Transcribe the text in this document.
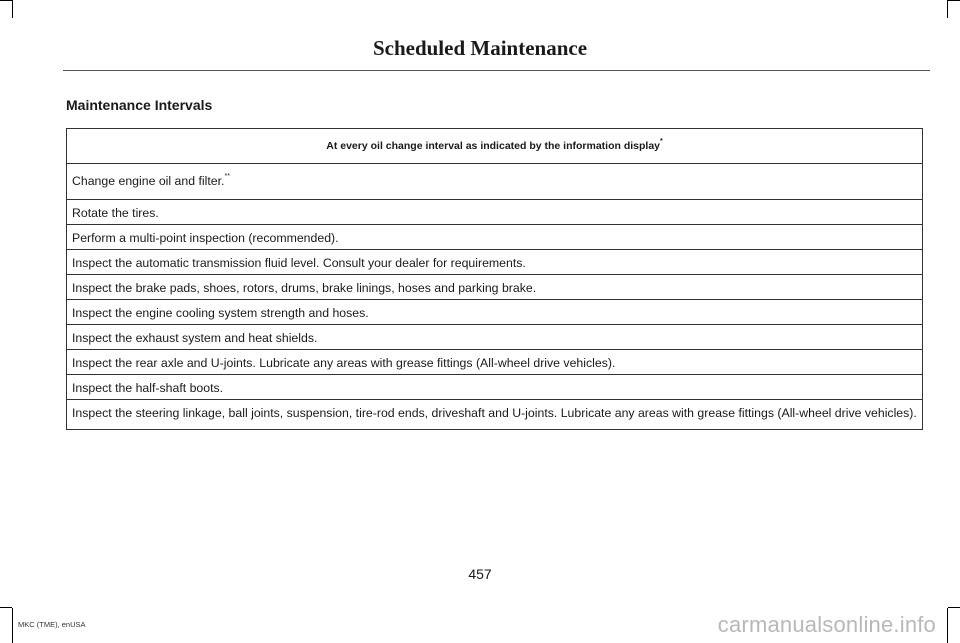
Scheduled Maintenance
Maintenance Intervals
At every oil change interval as indicated by the information display*
Change engine oil and filter.**
Rotate the tires.
Perform a multi-point inspection (recommended).
Inspect the automatic transmission fluid level. Consult your dealer for requirements.
Inspect the brake pads, shoes, rotors, drums, brake linings, hoses and parking brake.
Inspect the engine cooling system strength and hoses.
Inspect the exhaust system and heat shields.
Inspect the rear axle and U-joints. Lubricate any areas with grease fittings (All-wheel drive vehicles).
Inspect the half-shaft boots.
Inspect the steering linkage, ball joints, suspension, tire-rod ends, driveshaft and U-joints. Lubricate any areas with grease fittings (All-wheel drive vehicles).
457
MKC (TME), enUSA	carmanualsonline.info
